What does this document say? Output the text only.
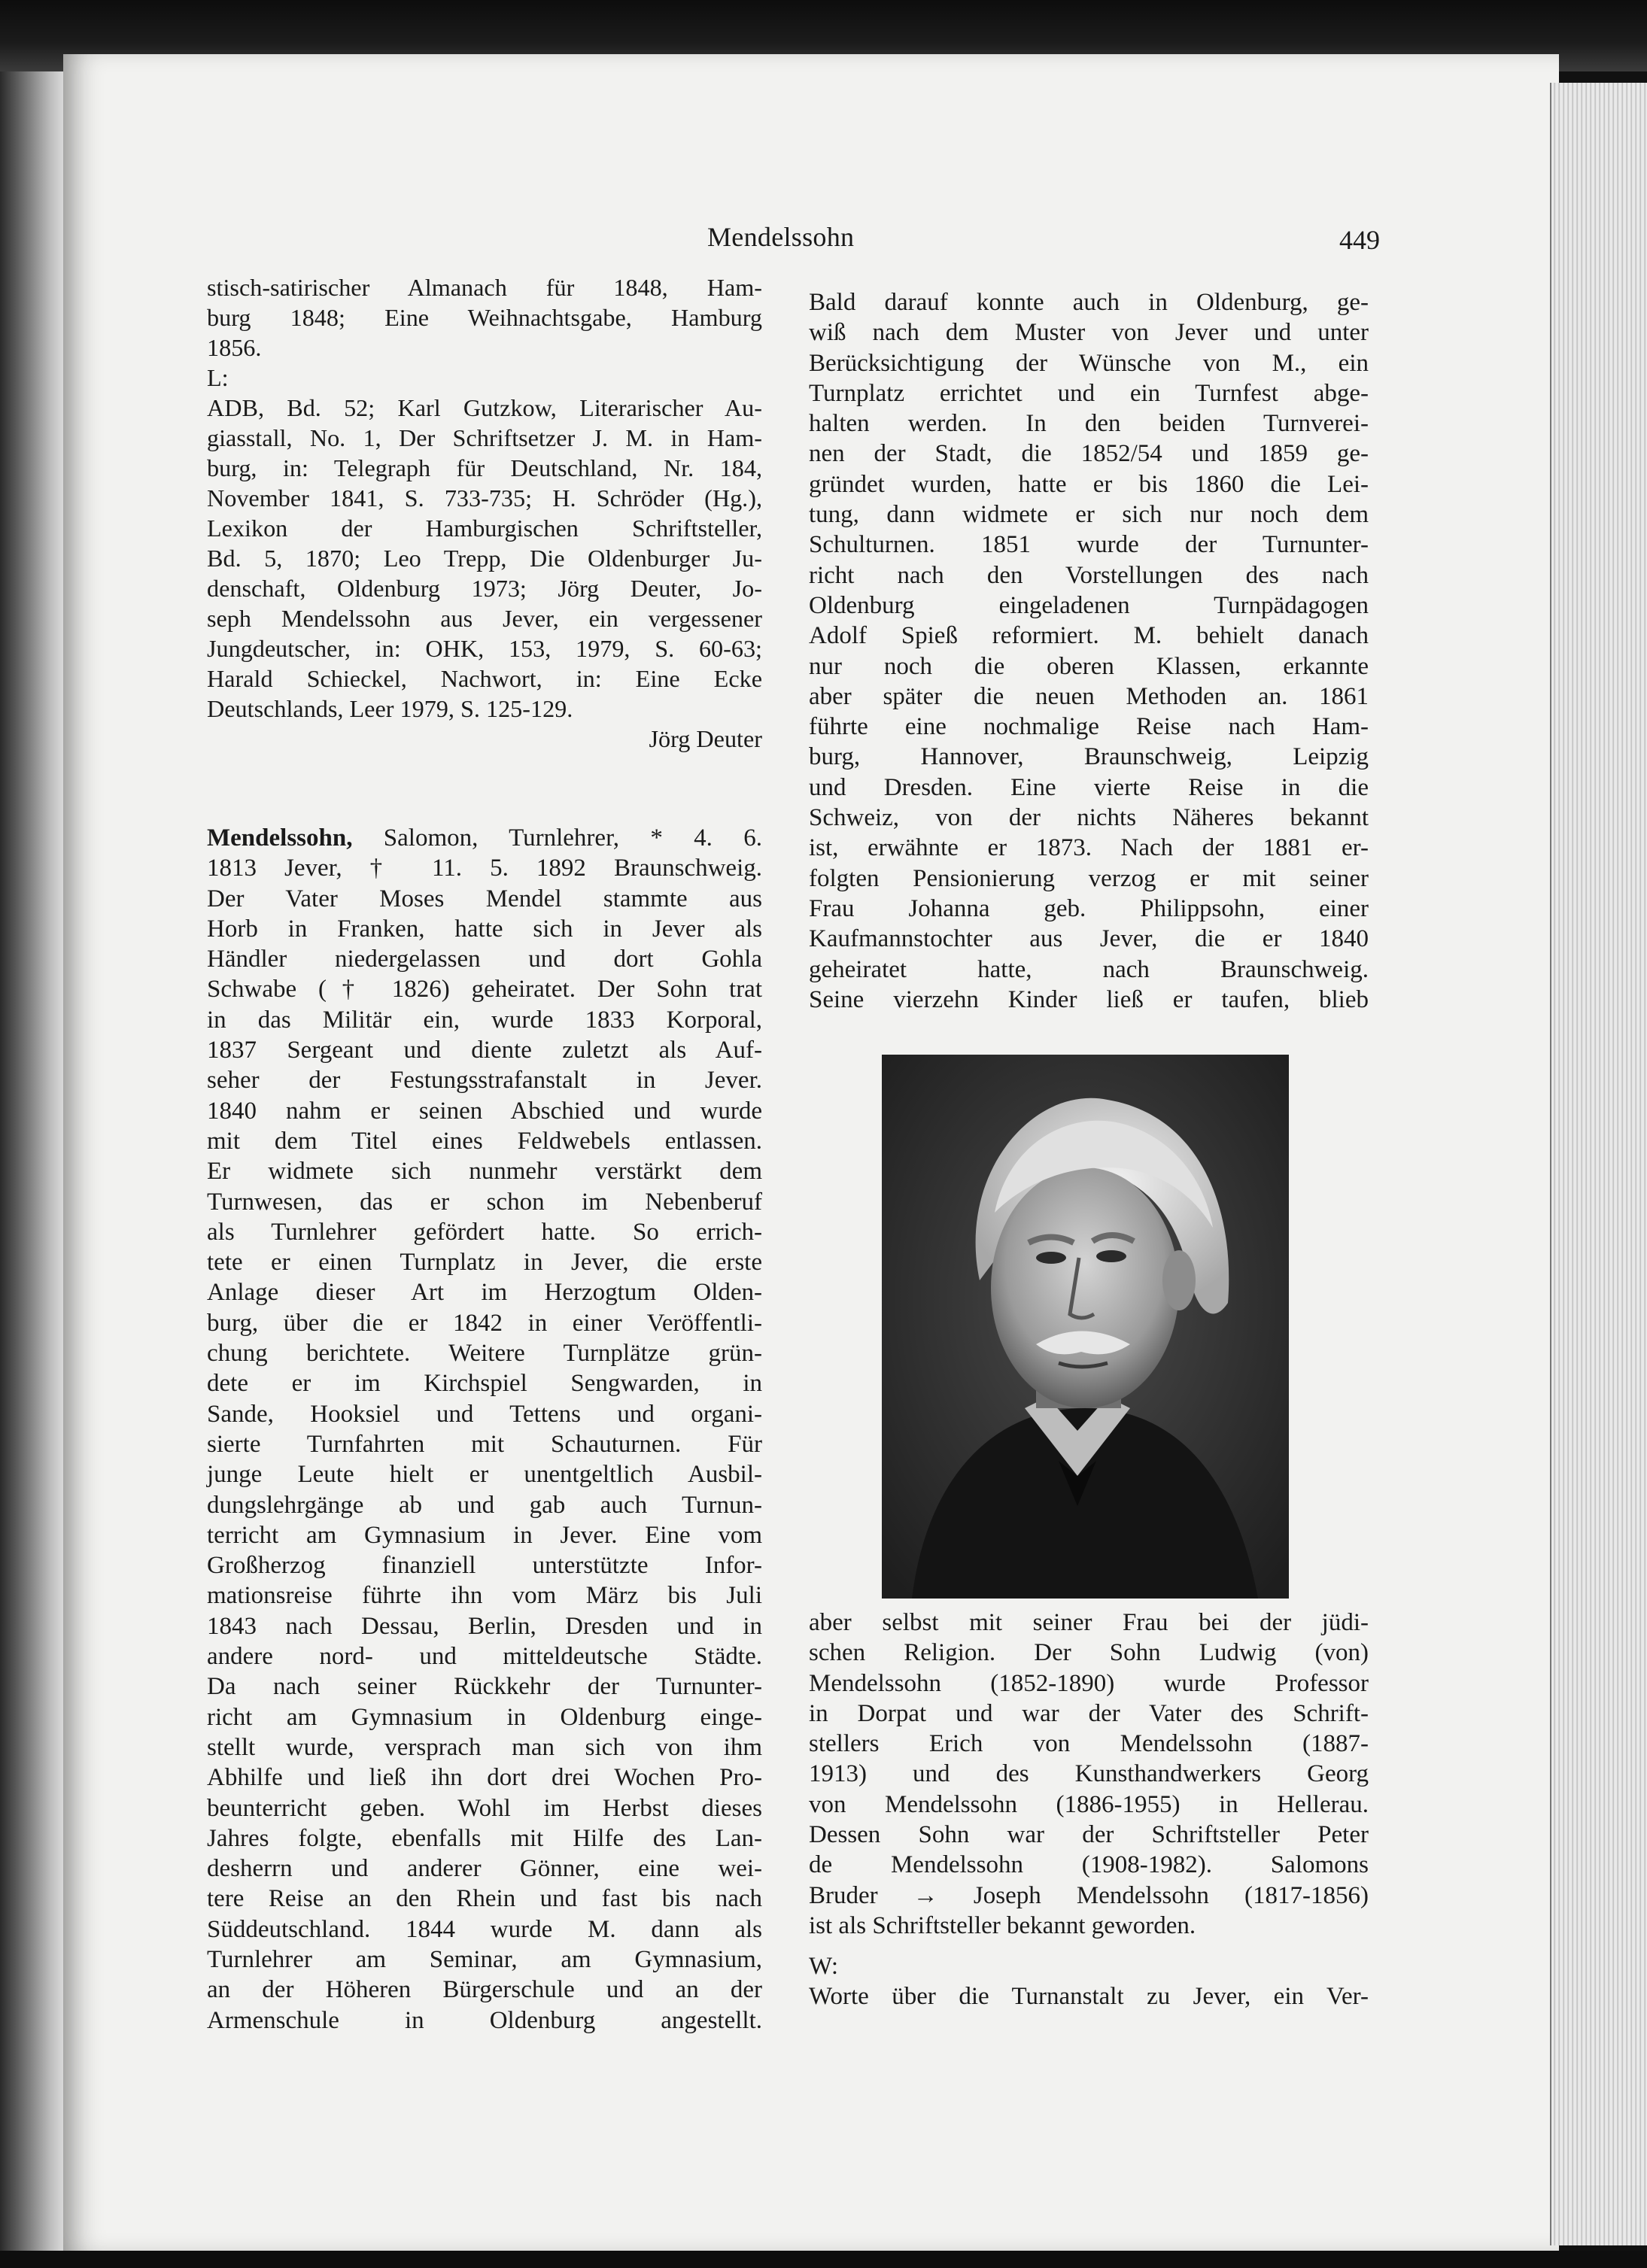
Mendelssohn	449
stisch-satirischer Almanach für 1848, Ham-
burg 1848; Eine Weihnachtsgabe, Hamburg
1856.
L:
ADB, Bd. 52; Karl Gutzkow, Literarischer Au-
giasstall, No. 1, Der Schriftsetzer J. M. in Ham-
burg, in: Telegraph für Deutschland, Nr. 184,
November 1841, S. 733-735; H. Schröder (Hg.),
Lexikon der Hamburgischen Schriftsteller,
Bd. 5, 1870; Leo Trepp, Die Oldenburger Ju-
denschaft, Oldenburg 1973; Jörg Deuter, Jo-
seph Mendelssohn aus Jever, ein vergessener
Jungdeutscher, in: OHK, 153, 1979, S. 60-63;
Harald Schieckel, Nachwort, in: Eine Ecke
Deutschlands, Leer 1979, S. 125-129.
Jörg Deuter
Mendelssohn, Salomon, Turnlehrer, * 4. 6.
1813 Jever, † 11. 5. 1892 Braunschweig.
Der Vater Moses Mendel stammte aus
Horb in Franken, hatte sich in Jever als
Händler niedergelassen und dort Gohla
Schwabe († 1826) geheiratet. Der Sohn trat
in das Militär ein, wurde 1833 Korporal,
1837 Sergeant und diente zuletzt als Auf-
seher der Festungsstrafanstalt in Jever.
1840 nahm er seinen Abschied und wurde
mit dem Titel eines Feldwebels entlassen.
Er widmete sich nunmehr verstärkt dem
Turnwesen, das er schon im Nebenberuf
als Turnlehrer gefördert hatte. So errich-
tete er einen Turnplatz in Jever, die erste
Anlage dieser Art im Herzogtum Olden-
burg, über die er 1842 in einer Veröffentli-
chung berichtete. Weitere Turnplätze grün-
dete er im Kirchspiel Sengwarden, in
Sande, Hooksiel und Tettens und organi-
sierte Turnfahrten mit Schauturnen. Für
junge Leute hielt er unentgeltlich Ausbil-
dungslehrgänge ab und gab auch Turnun-
terricht am Gymnasium in Jever. Eine vom
Großherzog finanziell unterstützte Infor-
mationsreise führte ihn vom März bis Juli
1843 nach Dessau, Berlin, Dresden und in
andere nord- und mitteldeutsche Städte.
Da nach seiner Rückkehr der Turnunter-
richt am Gymnasium in Oldenburg einge-
stellt wurde, versprach man sich von ihm
Abhilfe und ließ ihn dort drei Wochen Pro-
beunterricht geben. Wohl im Herbst dieses
Jahres folgte, ebenfalls mit Hilfe des Lan-
desherrn und anderer Gönner, eine wei-
tere Reise an den Rhein und fast bis nach
Süddeutschland. 1844 wurde M. dann als
Turnlehrer am Seminar, am Gymnasium,
an der Höheren Bürgerschule und an der
Armenschule in Oldenburg angestellt.
Bald darauf konnte auch in Oldenburg, ge-
wiß nach dem Muster von Jever und unter
Berücksichtigung der Wünsche von M., ein
Turnplatz errichtet und ein Turnfest abge-
halten werden. In den beiden Turnverei-
nen der Stadt, die 1852/54 und 1859 ge-
gründet wurden, hatte er bis 1860 die Lei-
tung, dann widmete er sich nur noch dem
Schulturnen. 1851 wurde der Turnunter-
richt nach den Vorstellungen des nach
Oldenburg eingeladenen Turnpädagogen
Adolf Spieß reformiert. M. behielt danach
nur noch die oberen Klassen, erkannte
aber später die neuen Methoden an. 1861
führte eine nochmalige Reise nach Ham-
burg, Hannover, Braunschweig, Leipzig
und Dresden. Eine vierte Reise in die
Schweiz, von der nichts Näheres bekannt
ist, erwähnte er 1873. Nach der 1881 er-
folgten Pensionierung verzog er mit seiner
Frau Johanna geb. Philippsohn, einer
Kaufmannstochter aus Jever, die er 1840
geheiratet hatte, nach Braunschweig.
Seine vierzehn Kinder ließ er taufen, blieb
aber selbst mit seiner Frau bei der jüdi-
schen Religion. Der Sohn Ludwig (von)
Mendelssohn (1852-1890) wurde Professor
in Dorpat und war der Vater des Schrift-
stellers Erich von Mendelssohn (1887-
1913) und des Kunsthandwerkers Georg
von Mendelssohn (1886-1955) in Hellerau.
Dessen Sohn war der Schriftsteller Peter
de Mendelssohn (1908-1982). Salomons
Bruder → Joseph Mendelssohn (1817-1856)
ist als Schriftsteller bekannt geworden.
W:
Worte über die Turnanstalt zu Jever, ein Ver-
